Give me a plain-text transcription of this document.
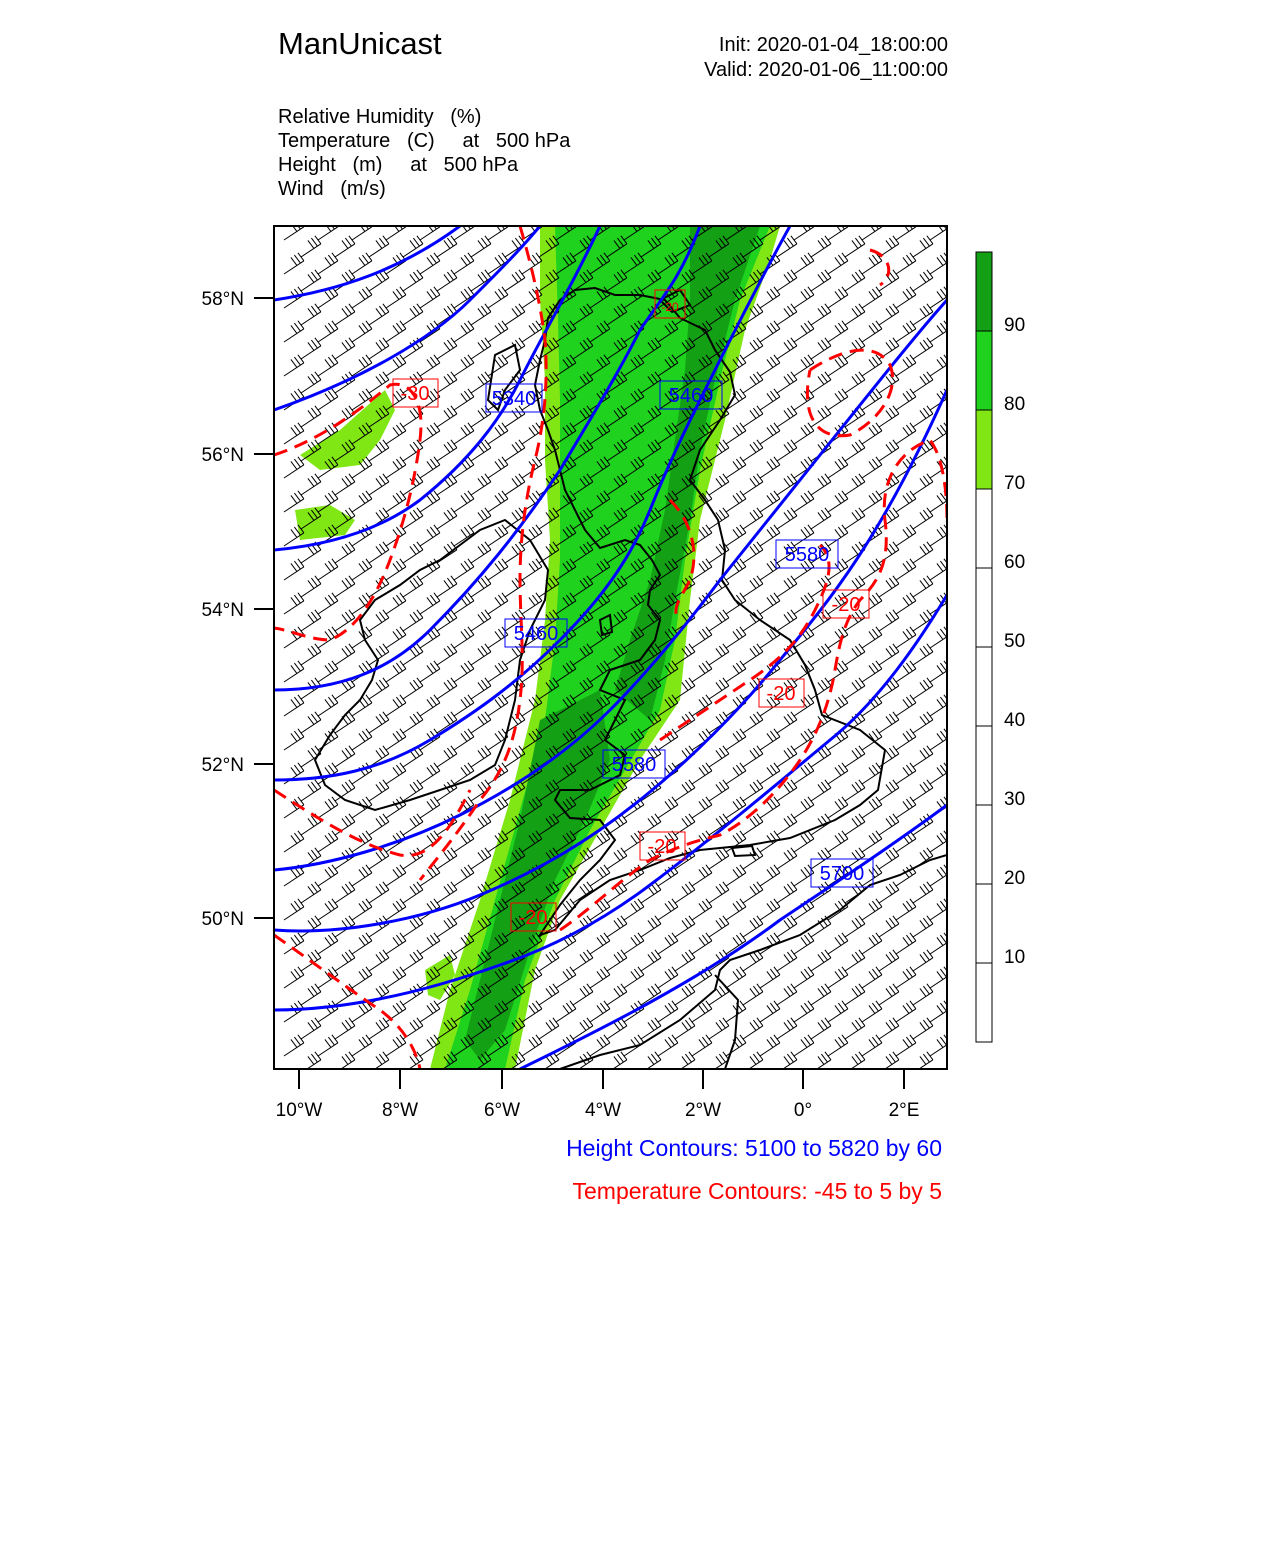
ManUnicast	Init: 2020-01-04_18:00:00
Valid: 2020-01-06_11:00:00
Relative Humidity   (%)
Temperature   (C)     at   500 hPa
Height   (m)     at   500 hPa
Wind   (m/s)
5340	5460
5460
5580
5580
5700
-30
-20
-20
-20
-20
-20
58°N
56°N
54°N
52°N
50°N
10°W	8°W	6°W	4°W	2°W	0°	2°E
90
80
70
60
50
40
30
20
10
Height Contours: 5100 to 5820 by 60
Temperature Contours: -45 to 5 by 5
